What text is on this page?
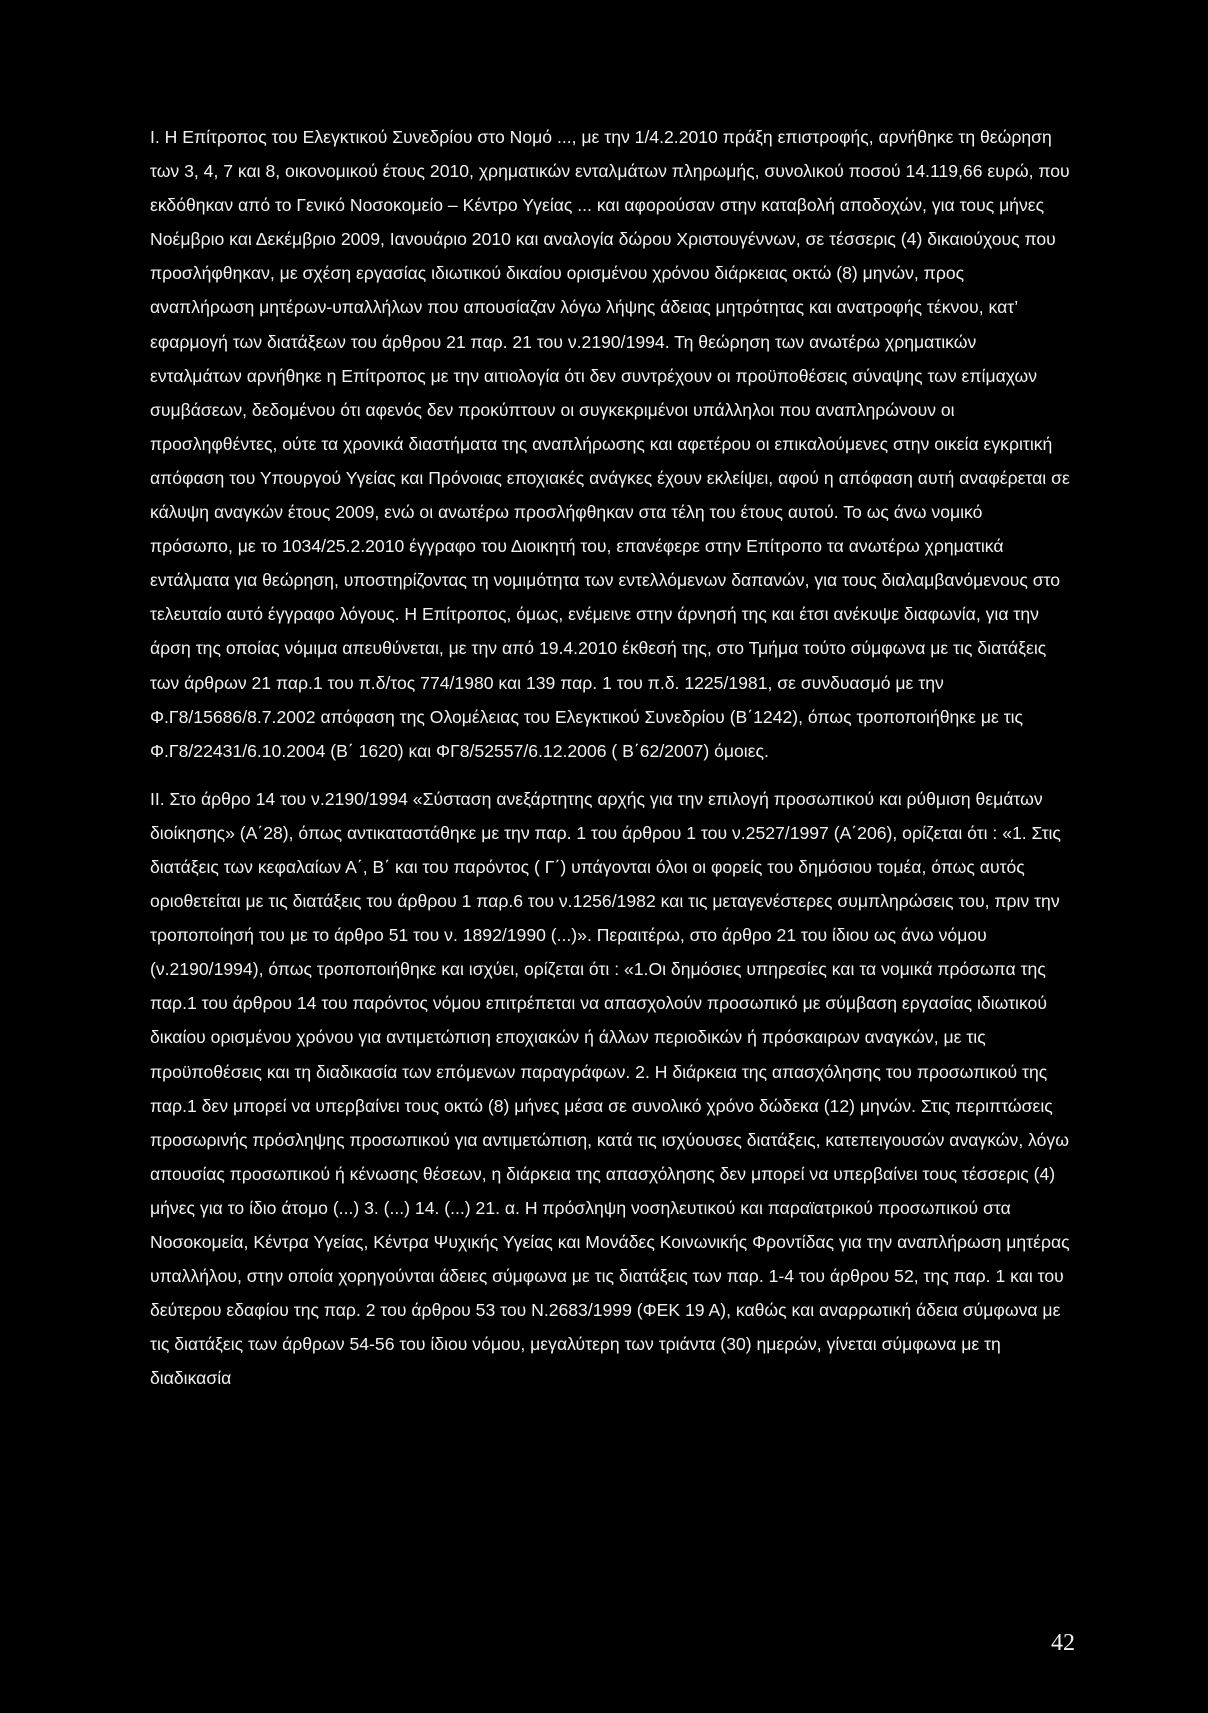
I. Η Επίτροπος του Ελεγκτικού Συνεδρίου στο Νομό ..., με την 1/4.2.2010 πράξη επιστροφής, αρνήθηκε τη θεώρηση των 3, 4, 7 και 8, οικονομικού έτους 2010, χρηματικών ενταλμάτων πληρωμής, συνολικού ποσού 14.119,66 ευρώ, που εκδόθηκαν από το Γενικό Νοσοκομείο – Κέντρο Υγείας ... και αφορούσαν στην καταβολή αποδοχών, για τους μήνες Νοέμβριο και Δεκέμβριο 2009, Ιανουάριο 2010 και αναλογία δώρου Χριστουγέννων, σε τέσσερις (4) δικαιούχους που προσλήφθηκαν, με σχέση εργασίας ιδιωτικού δικαίου ορισμένου χρόνου διάρκειας οκτώ (8) μηνών, προς αναπλήρωση μητέρων-υπαλλήλων που απουσίαζαν λόγω λήψης άδειας μητρότητας και ανατροφής τέκνου, κατ’ εφαρμογή των διατάξεων του άρθρου 21 παρ. 21 του ν.2190/1994. Τη θεώρηση των ανωτέρω χρηματικών ενταλμάτων αρνήθηκε η Επίτροπος με την αιτιολογία ότι δεν συντρέχουν οι προϋποθέσεις σύναψης των επίμαχων συμβάσεων, δεδομένου ότι αφενός δεν προκύπτουν οι συγκεκριμένοι υπάλληλοι που αναπληρώνουν οι προσληφθέντες, ούτε τα χρονικά διαστήματα της αναπλήρωσης και αφετέρου οι επικαλούμενες στην οικεία εγκριτική απόφαση του Υπουργού Υγείας και Πρόνοιας εποχιακές ανάγκες έχουν εκλείψει, αφού η απόφαση αυτή αναφέρεται σε κάλυψη αναγκών έτους 2009, ενώ οι ανωτέρω προσλήφθηκαν στα τέλη του έτους αυτού. Το ως άνω νομικό πρόσωπο, με το 1034/25.2.2010 έγγραφο του Διοικητή του, επανέφερε στην Επίτροπο τα ανωτέρω χρηματικά εντάλματα για θεώρηση, υποστηρίζοντας τη νομιμότητα των εντελλόμενων δαπανών, για τους διαλαμβανόμενους στο τελευταίο αυτό έγγραφο λόγους. Η Επίτροπος, όμως, ενέμεινε στην άρνησή της και έτσι ανέκυψε διαφωνία, για την άρση της οποίας νόμιμα απευθύνεται, με την από 19.4.2010 έκθεσή της, στο Τμήμα τούτο σύμφωνα με τις διατάξεις των άρθρων 21 παρ.1 του π.δ/τος 774/1980 και 139 παρ. 1 του π.δ. 1225/1981, σε συνδυασμό με την Φ.Γ8/15686/8.7.2002 απόφαση της Ολομέλειας του Ελεγκτικού Συνεδρίου (Β΄1242), όπως τροποποιήθηκε με τις Φ.Γ8/22431/6.10.2004 (Β΄ 1620) και ΦΓ8/52557/6.12.2006 ( Β΄62/2007) όμοιες.

II. Στο άρθρο 14 του ν.2190/1994 «Σύσταση ανεξάρτητης αρχής για την επιλογή προσωπικού και ρύθμιση θεμάτων διοίκησης» (Α΄28), όπως αντικαταστάθηκε με την παρ. 1 του άρθρου 1 του ν.2527/1997 (Α΄206), ορίζεται ότι : «1. Στις διατάξεις των κεφαλαίων Α΄, Β΄ και του παρόντος ( Γ΄) υπάγονται όλοι οι φορείς του δημόσιου τομέα, όπως αυτός οριοθετείται με τις διατάξεις του άρθρου 1 παρ.6 του ν.1256/1982 και τις μεταγενέστερες συμπληρώσεις του, πριν την τροποποίησή του με το άρθρο 51 του ν. 1892/1990 (...)». Περαιτέρω, στο άρθρο 21 του ίδιου ως άνω νόμου (ν.2190/1994), όπως τροποποιήθηκε και ισχύει, ορίζεται ότι : «1.Οι δημόσιες υπηρεσίες και τα νομικά πρόσωπα της παρ.1 του άρθρου 14 του παρόντος νόμου επιτρέπεται να απασχολούν προσωπικό με σύμβαση εργασίας ιδιωτικού δικαίου ορισμένου χρόνου για αντιμετώπιση εποχιακών ή άλλων περιοδικών ή πρόσκαιρων αναγκών, με τις προϋποθέσεις και τη διαδικασία των επόμενων παραγράφων. 2. Η διάρκεια της απασχόλησης του προσωπικού της παρ.1 δεν μπορεί να υπερβαίνει τους οκτώ (8) μήνες μέσα σε συνολικό χρόνο δώδεκα (12) μηνών. Στις περιπτώσεις προσωρινής πρόσληψης προσωπικού για αντιμετώπιση, κατά τις ισχύουσες διατάξεις, κατεπειγουσών αναγκών, λόγω απουσίας προσωπικού ή κένωσης θέσεων, η διάρκεια της απασχόλησης δεν μπορεί να υπερβαίνει τους τέσσερις (4) μήνες για το ίδιο άτομο (...) 3. (...) 14. (...) 21. α. Η πρόσληψη νοσηλευτικού και παραϊατρικού προσωπικού στα Νοσοκομεία, Κέντρα Υγείας, Κέντρα Ψυχικής Υγείας και Μονάδες Κοινωνικής Φροντίδας για την αναπλήρωση μητέρας υπαλλήλου, στην οποία χορηγούνται άδειες σύμφωνα με τις διατάξεις των παρ. 1-4 του άρθρου 52, της παρ. 1 και του δεύτερου εδαφίου της παρ. 2 του άρθρου 53 του Ν.2683/1999 (ΦΕΚ 19 Α), καθώς και αναρρωτική άδεια σύμφωνα με τις διατάξεις των άρθρων 54-56 του ίδιου νόμου, μεγαλύτερη των τριάντα (30) ημερών, γίνεται σύμφωνα με τη διαδικασία

42
